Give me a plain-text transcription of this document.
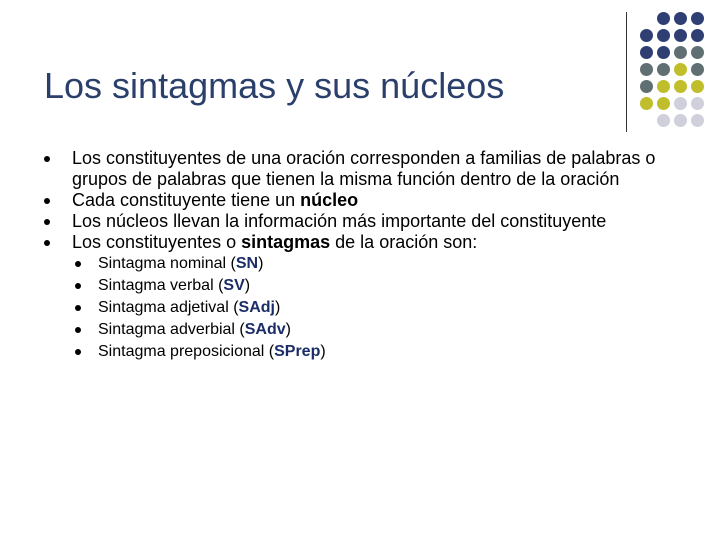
Los sintagmas y sus núcleos
Los constituyentes de una oración corresponden a familias de palabras o grupos de palabras que tienen la misma función dentro de la oración
Cada constituyente tiene un núcleo
Los núcleos llevan la información más importante del constituyente
Los constituyentes o sintagmas de la oración son:
Sintagma nominal (SN)
Sintagma verbal (SV)
Sintagma adjetival (SAdj)
Sintagma adverbial (SAdv)
Sintagma preposicional (SPrep)
